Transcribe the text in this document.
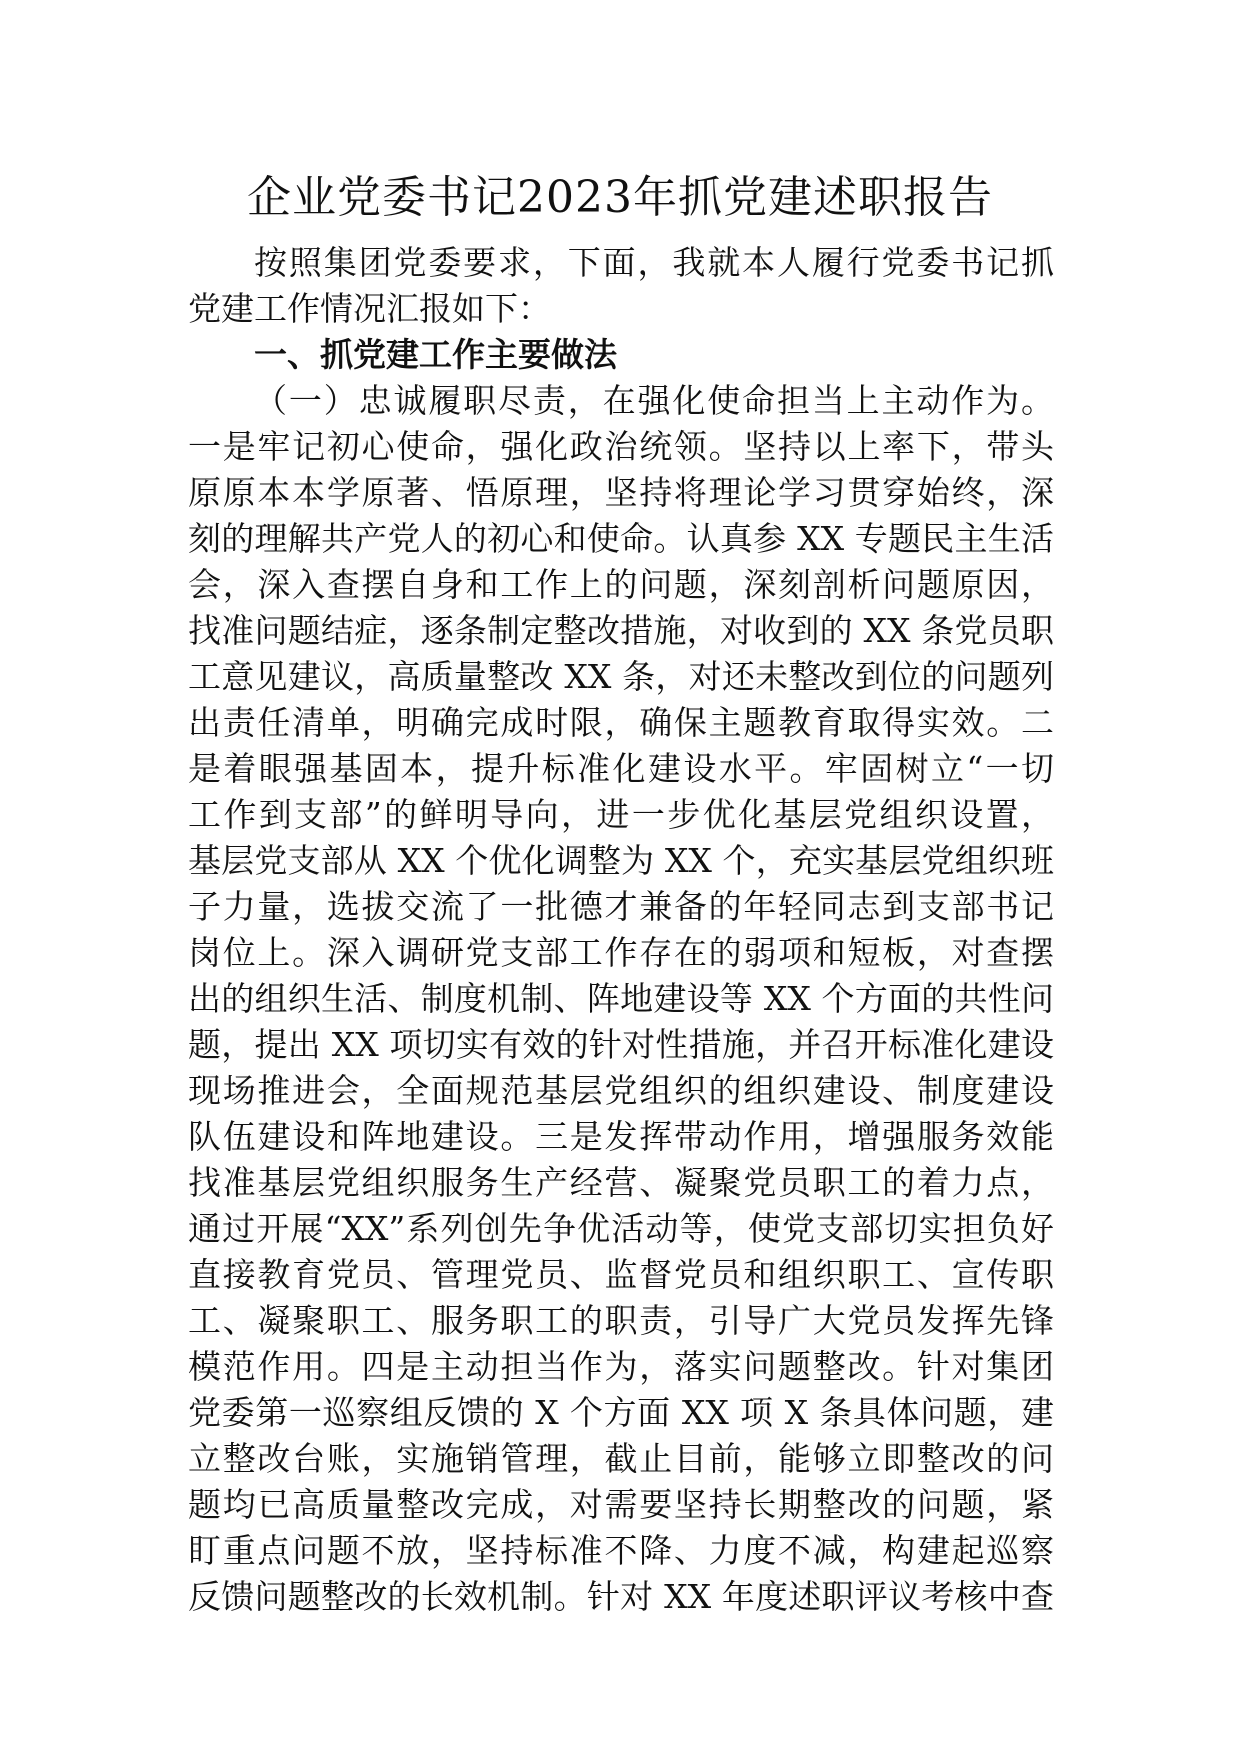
企业党委书记2023年抓党建述职报告
按照集团党委要求，下面，我就本人履行党委书记抓
党建工作情况汇报如下：
一、抓党建工作主要做法
（一）忠诚履职尽责，在强化使命担当上主动作为。
一是牢记初心使命，强化政治统领。坚持以上率下，带头
原原本本学原著、悟原理，坚持将理论学习贯穿始终，深
刻的理解共产党人的初心和使命。认真参 XX 专题民主生活
会，深入查摆自身和工作上的问题，深刻剖析问题原因，
找准问题结症，逐条制定整改措施，对收到的 XX 条党员职
工意见建议，高质量整改 XX 条，对还未整改到位的问题列
出责任清单，明确完成时限，确保主题教育取得实效。二
是着眼强基固本，提升标准化建设水平。牢固树立“一切
工作到支部”的鲜明导向，进一步优化基层党组织设置，
基层党支部从 XX 个优化调整为 XX 个，充实基层党组织班
子力量，选拔交流了一批德才兼备的年轻同志到支部书记
岗位上。深入调研党支部工作存在的弱项和短板，对查摆
出的组织生活、制度机制、阵地建设等 XX 个方面的共性问
题，提出 XX 项切实有效的针对性措施，并召开标准化建设
现场推进会，全面规范基层党组织的组织建设、制度建设
队伍建设和阵地建设。三是发挥带动作用，增强服务效能
找准基层党组织服务生产经营、凝聚党员职工的着力点，
通过开展“XX”系列创先争优活动等，使党支部切实担负好
直接教育党员、管理党员、监督党员和组织职工、宣传职
工、凝聚职工、服务职工的职责，引导广大党员发挥先锋
模范作用。四是主动担当作为，落实问题整改。针对集团
党委第一巡察组反馈的 X 个方面 XX 项 X 条具体问题，建
立整改台账，实施销管理，截止目前，能够立即整改的问
题均已高质量整改完成，对需要坚持长期整改的问题，紧
盯重点问题不放，坚持标准不降、力度不减，构建起巡察
反馈问题整改的长效机制。针对 XX 年度述职评议考核中查
